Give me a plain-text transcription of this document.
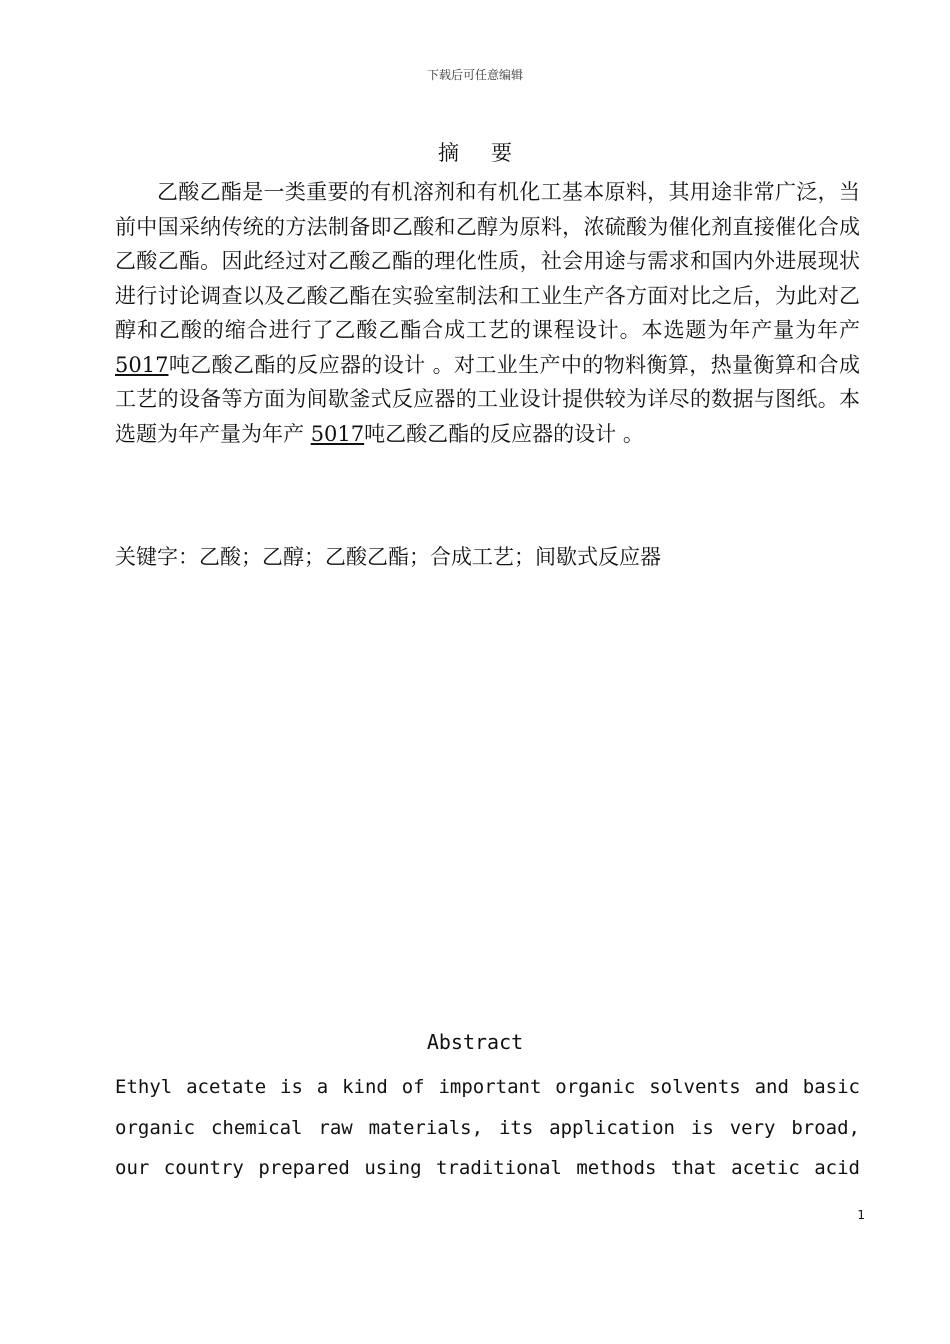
下载后可任意编辑
摘要

乙酸乙酯是一类重要的有机溶剂和有机化工基本原料，其用途非常广泛，当前中国采纳传统的方法制备即乙酸和乙醇为原料，浓硫酸为催化剂直接催化合成乙酸乙酯。因此经过对乙酸乙酯的理化性质，社会用途与需求和国内外进展现状进行讨论调查以及乙酸乙酯在实验室制法和工业生产各方面对比之后，为此对乙醇和乙酸的缩合进行了乙酸乙酯合成工艺的课程设计。本选题为年产量为年产 5017吨乙酸乙酯的反应器的设计 。对工业生产中的物料衡算，热量衡算和合成工艺的设备等方面为间歇釜式反应器的工业设计提供较为详尽的数据与图纸。本选题为年产量为年产 5017吨乙酸乙酯的反应器的设计 。

关键字：乙酸；乙醇；乙酸乙酯；合成工艺；间歇式反应器
Abstract
Ethyl acetate is a kind of important organic solvents and basic
organic chemical raw materials, its application is very broad,
our country prepared using traditional methods that acetic acid
1
